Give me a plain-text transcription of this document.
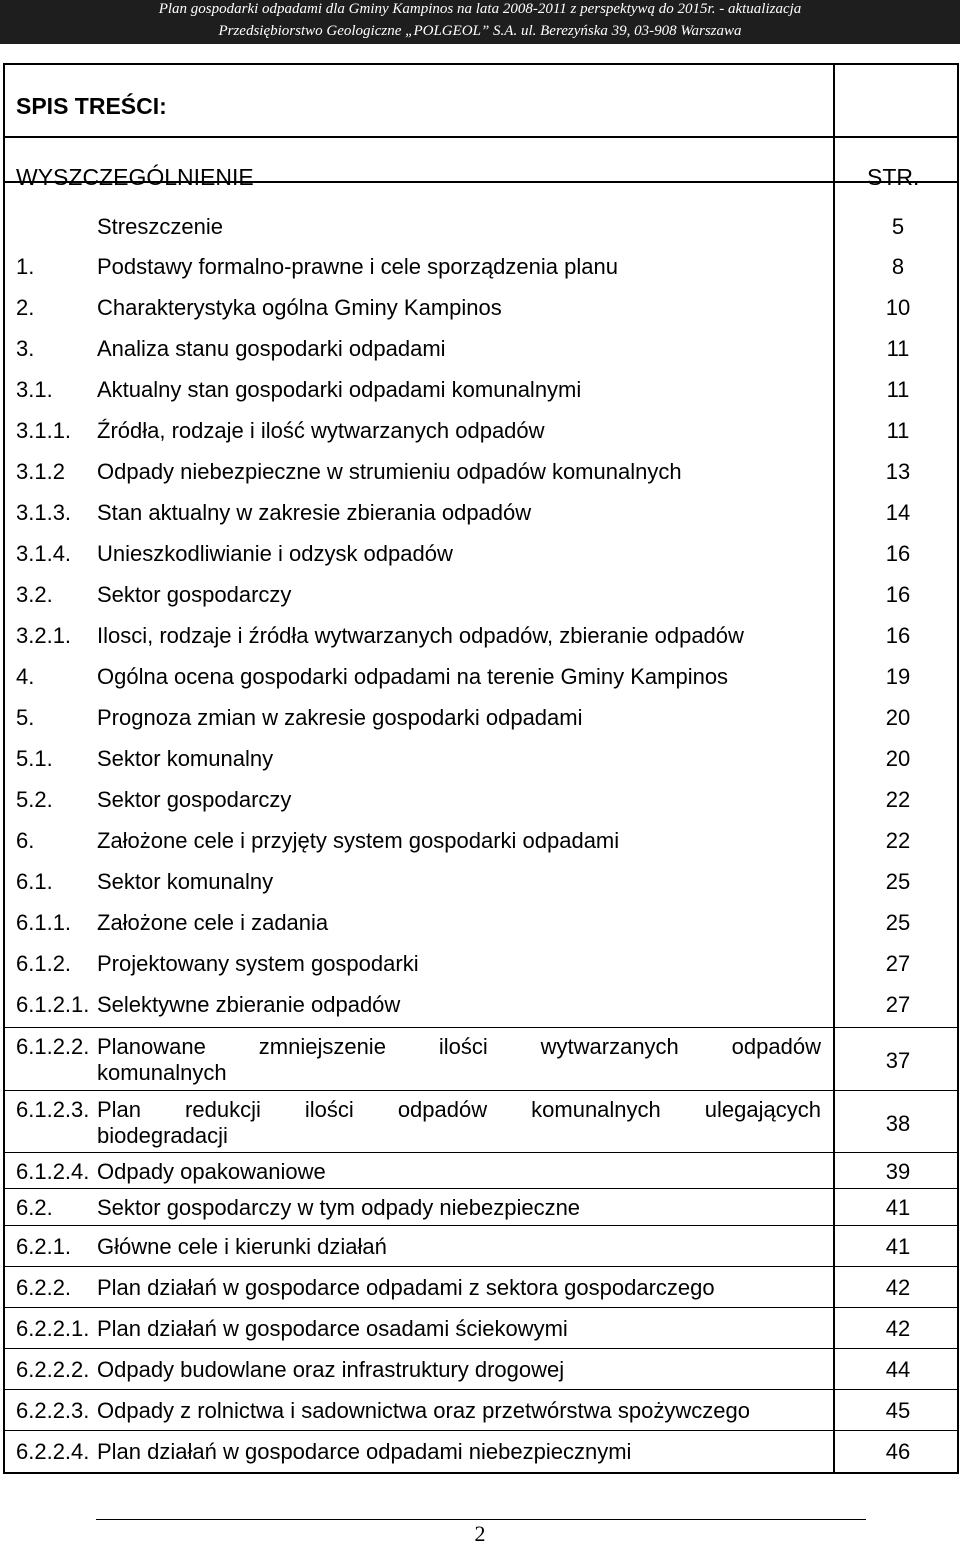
Plan gospodarki odpadami dla Gminy Kampinos na lata 2008-2011 z perspektywą do 2015r. - aktualizacja
Przedsiębiorstwo Geologiczne „POLGEOL” S.A. ul. Berezyńska 39, 03-908 Warszawa
SPIS TREŚCI:
WYSZCZEGÓLNIENIE	STR.
Streszczenie	5
1.	Podstawy formalno-prawne i cele sporządzenia planu	8
2.	Charakterystyka ogólna Gminy Kampinos	10
3.	Analiza stanu gospodarki odpadami	11
3.1. Aktualny stan gospodarki odpadami komunalnymi	11
3.1.1. Źródła, rodzaje i ilość wytwarzanych odpadów	11
3.1.2 Odpady niebezpieczne w strumieniu odpadów komunalnych	13
3.1.3. Stan aktualny w zakresie zbierania odpadów	14
3.1.4. Unieszkodliwianie i odzysk odpadów	16
3.2. Sektor gospodarczy	16
3.2.1. Ilosci, rodzaje i źródła wytwarzanych odpadów, zbieranie odpadów	16
4.	Ogólna ocena gospodarki odpadami na terenie Gminy Kampinos	19
5.	Prognoza zmian w zakresie gospodarki odpadami	20
5.1. Sektor komunalny	20
5.2. Sektor gospodarczy	22
6.	Założone cele i przyjęty system gospodarki odpadami	22
6.1. Sektor komunalny	25
6.1.1. Założone cele i zadania	25
6.1.2. Projektowany system gospodarki	27
6.1.2.1. Selektywne zbieranie odpadów	27
6.1.2.2. Planowane zmniejszenie ilości wytwarzanych odpadów
komunalnych	37
6.1.2.3. Plan redukcji ilości odpadów komunalnych ulegających
biodegradacji	38
6.1.2.4. Odpady opakowaniowe	39
6.2. Sektor gospodarczy w tym odpady niebezpieczne	41
6.2.1. Główne cele i kierunki działań	41
6.2.2. Plan działań w gospodarce odpadami z sektora gospodarczego	42
6.2.2.1. Plan działań w gospodarce osadami ściekowymi	42
6.2.2.2. Odpady budowlane oraz infrastruktury drogowej	44
6.2.2.3. Odpady z rolnictwa i sadownictwa oraz przetwórstwa spożywczego	45
6.2.2.4. Plan działań w gospodarce odpadami niebezpiecznymi	46
2
